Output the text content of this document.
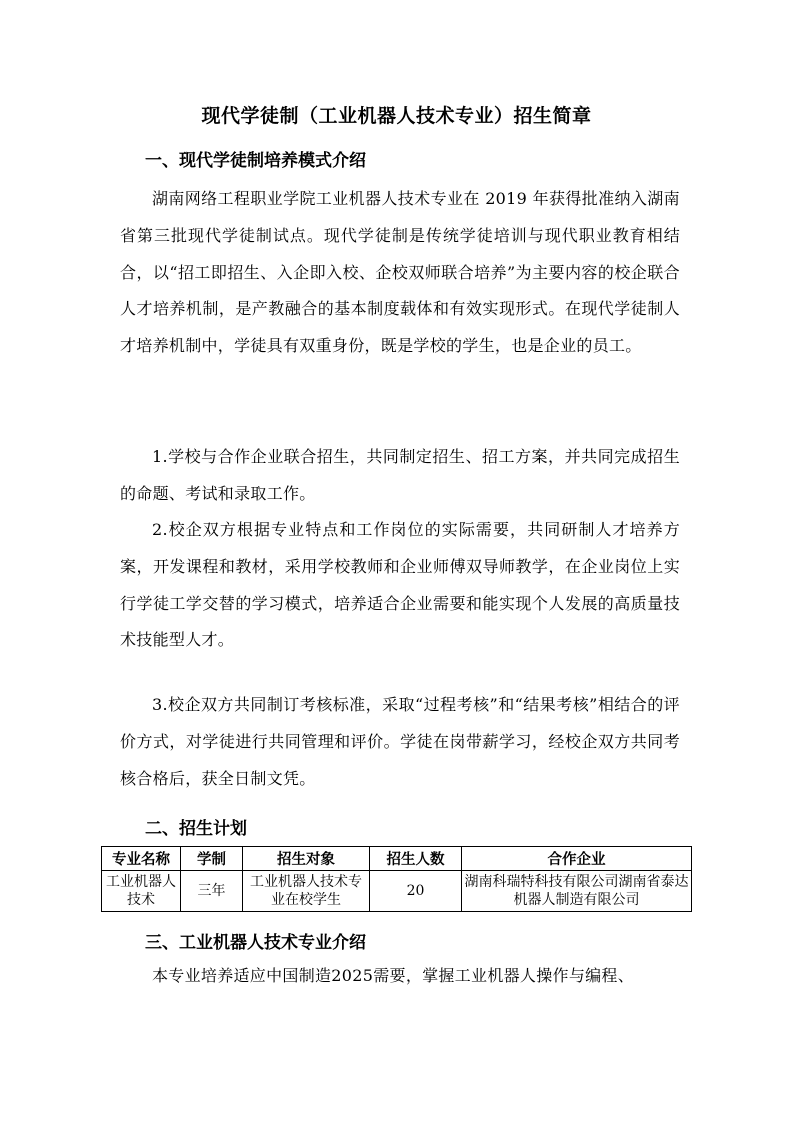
现代学徒制（工业机器人技术专业）招生简章
一、现代学徒制培养模式介绍
湖南网络工程职业学院工业机器人技术专业在 2019 年获得批准纳入湖南省第三批现代学徒制试点。现代学徒制是传统学徒培训与现代职业教育相结合，以“招工即招生、入企即入校、企校双师联合培养”为主要内容的校企联合人才培养机制，是产教融合的基本制度载体和有效实现形式。在现代学徒制人才培养机制中，学徒具有双重身份，既是学校的学生，也是企业的员工。
1.学校与合作企业联合招生，共同制定招生、招工方案，并共同完成招生的命题、考试和录取工作。
2.校企双方根据专业特点和工作岗位的实际需要，共同研制人才培养方案，开发课程和教材，采用学校教师和企业师傅双导师教学，在企业岗位上实行学徒工学交替的学习模式，培养适合企业需要和能实现个人发展的高质量技术技能型人才。
3.校企双方共同制订考核标准，采取“过程考核”和“结果考核”相结合的评价方式，对学徒进行共同管理和评价。学徒在岗带薪学习，经校企双方共同考核合格后，获全日制文凭。
二、招生计划
专业名称	学制	招生对象	招生人数	合作企业
工业机器人技术	三年	工业机器人技术专业在校学生	20	湖南科瑞特科技有限公司湖南省泰达机器人制造有限公司
三、工业机器人技术专业介绍
本专业培养适应中国制造2025需要，掌握工业机器人操作与编程、
